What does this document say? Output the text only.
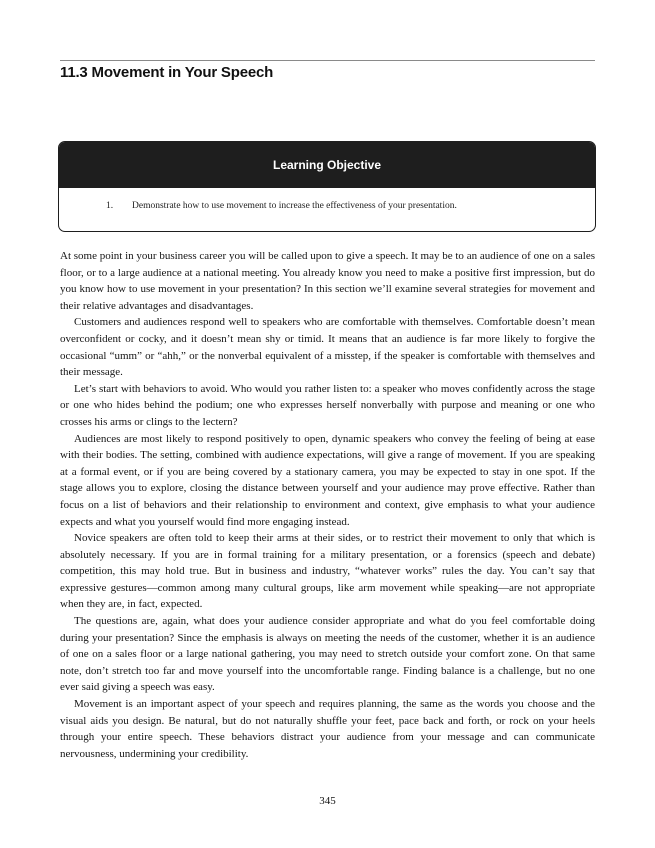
11.3 Movement in Your Speech
Learning Objective
1. Demonstrate how to use movement to increase the effectiveness of your presentation.

At some point in your business career you will be called upon to give a speech. It may be to an audience of one on a sales floor, or to a large audience at a national meeting. You already know you need to make a positive first impression, but do you know how to use movement in your presentation? In this section we’ll examine several strategies for movement and their relative advantages and disadvantages.

Customers and audiences respond well to speakers who are comfortable with themselves. Comfortable doesn’t mean overconfident or cocky, and it doesn’t mean shy or timid. It means that an audience is far more likely to forgive the occasional “umm” or “ahh,” or the nonverbal equivalent of a misstep, if the speaker is comfortable with themselves and their message.

Let’s start with behaviors to avoid. Who would you rather listen to: a speaker who moves confidently across the stage or one who hides behind the podium; one who expresses herself nonverbally with purpose and meaning or one who crosses his arms or clings to the lectern?

Audiences are most likely to respond positively to open, dynamic speakers who convey the feeling of being at ease with their bodies. The setting, combined with audience expectations, will give a range of movement. If you are speaking at a formal event, or if you are being covered by a stationary camera, you may be expected to stay in one spot. If the stage allows you to explore, closing the distance between yourself and your audience may prove effective. Rather than focus on a list of behaviors and their relationship to environment and context, give emphasis to what your audience expects and what you yourself would find more engaging instead.

Novice speakers are often told to keep their arms at their sides, or to restrict their movement to only that which is absolutely necessary. If you are in formal training for a military presentation, or a forensics (speech and debate) competition, this may hold true. But in business and industry, “whatever works” rules the day. You can’t say that expressive gestures—common among many cultural groups, like arm movement while speaking—are not appropriate when they are, in fact, expected.

The questions are, again, what does your audience consider appropriate and what do you feel comfortable doing during your presentation? Since the emphasis is always on meeting the needs of the customer, whether it is an audience of one on a sales floor or a large national gathering, you may need to stretch outside your comfort zone. On that same note, don’t stretch too far and move yourself into the uncomfortable range. Finding balance is a challenge, but no one ever said giving a speech was easy.

Movement is an important aspect of your speech and requires planning, the same as the words you choose and the visual aids you design. Be natural, but do not naturally shuffle your feet, pace back and forth, or rock on your heels through your entire speech. These behaviors distract your audience from your message and can communicate nervousness, undermining your credibility.

345
